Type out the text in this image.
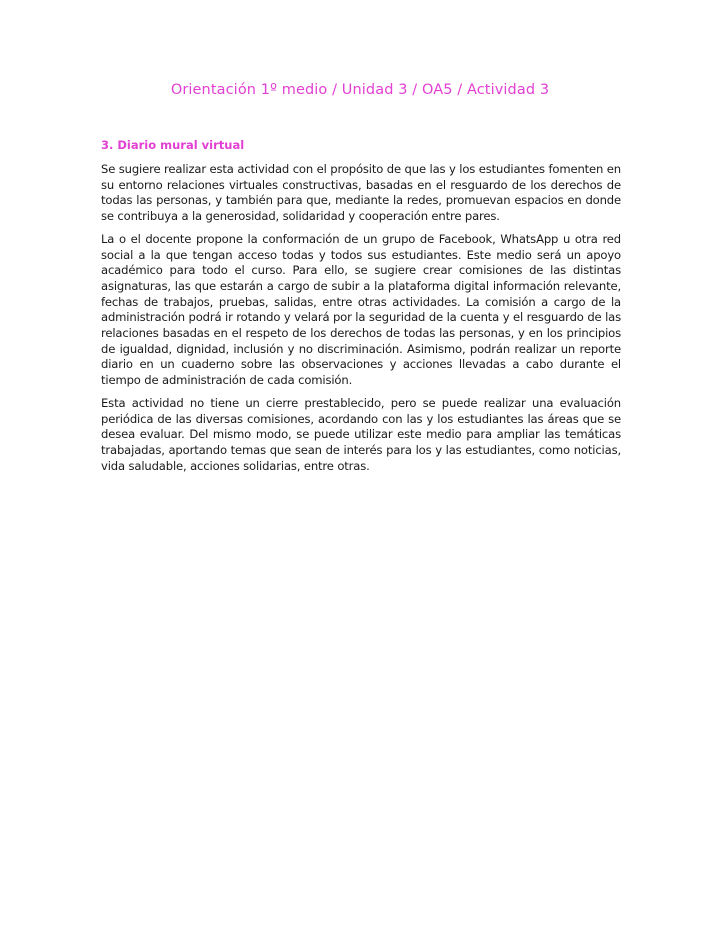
Orientación 1º medio / Unidad 3 / OA5 / Actividad 3
3. Diario mural virtual

Se sugiere realizar esta actividad con el propósito de que las y los estudiantes fomenten en su entorno relaciones virtuales constructivas, basadas en el resguardo de los derechos de todas las personas, y también para que, mediante la redes, promuevan espacios en donde se contribuya a la generosidad, solidaridad y cooperación entre pares.

La o el docente propone la conformación de un grupo de Facebook, WhatsApp u otra red social a la que tengan acceso todas y todos sus estudiantes. Este medio será un apoyo académico para todo el curso. Para ello, se sugiere crear comisiones de las distintas asignaturas, las que estarán a cargo de subir a la plataforma digital información relevante, fechas de trabajos, pruebas, salidas, entre otras actividades. La comisión a cargo de la administración podrá ir rotando y velará por la seguridad de la cuenta y el resguardo de las relaciones basadas en el respeto de los derechos de todas las personas, y en los principios de igualdad, dignidad, inclusión y no discriminación. Asimismo, podrán realizar un reporte diario en un cuaderno sobre las observaciones y acciones llevadas a cabo durante el tiempo de administración de cada comisión.

Esta actividad no tiene un cierre prestablecido, pero se puede realizar una evaluación periódica de las diversas comisiones, acordando con las y los estudiantes las áreas que se desea evaluar. Del mismo modo, se puede utilizar este medio para ampliar las temáticas trabajadas, aportando temas que sean de interés para los y las estudiantes, como noticias, vida saludable, acciones solidarias, entre otras.
